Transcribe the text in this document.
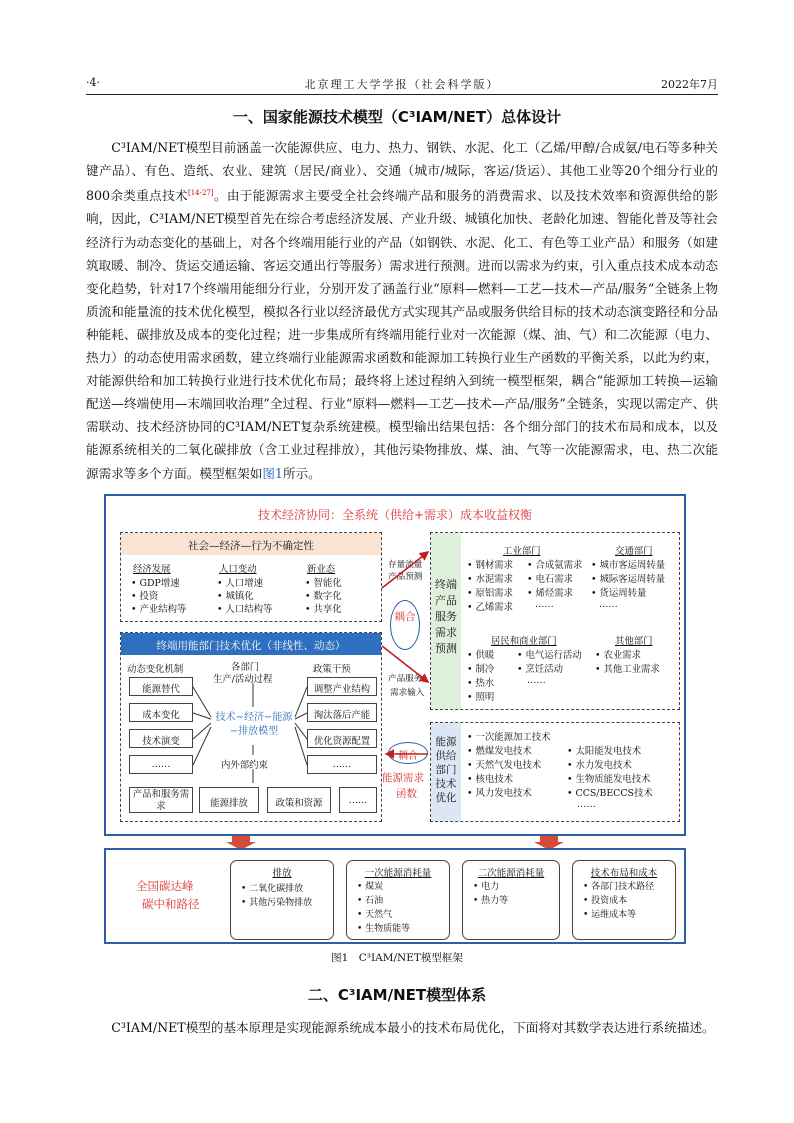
·4·	北京理工大学学报（社会科学版）	2022年7月
一、国家能源技术模型（C³IAM/NET）总体设计

C³IAM/NET模型目前涵盖一次能源供应、电力、热力、钢铁、水泥、化工（乙烯/甲醇/合成氨/电石等多种关键产品）、有色、造纸、农业、建筑（居民/商业）、交通（城市/城际，客运/货运）、其他工业等20个细分行业的800余类重点技术[14-27]。由于能源需求主要受全社会终端产品和服务的消费需求、以及技术效率和资源供给的影响，因此，C³IAM/NET模型首先在综合考虑经济发展、产业升级、城镇化加快、老龄化加速、智能化普及等社会经济行为动态变化的基础上，对各个终端用能行业的产品（如钢铁、水泥、化工、有色等工业产品）和服务（如建筑取暖、制冷、货运交通运输、客运交通出行等服务）需求进行预测。进而以需求为约束，引入重点技术成本动态变化趋势，针对17个终端用能细分行业，分别开发了涵盖行业“原料—燃料—工艺—技术—产品/服务”全链条上物质流和能量流的技术优化模型，模拟各行业以经济最优方式实现其产品或服务供给目标的技术动态演变路径和分品种能耗、碳排放及成本的变化过程；进一步集成所有终端用能行业对一次能源（煤、油、气）和二次能源（电力、热力）的动态使用需求函数，建立终端行业能源需求函数和能源加工转换行业生产函数的平衡关系，以此为约束，对能源供给和加工转换行业进行技术优化布局；最终将上述过程纳入到统一模型框架，耦合“能源加工转换—运输配送—终端使用—末端回收治理”全过程、行业“原料—燃料—工艺—技术—产品/服务”全链条，实现以需定产、供需联动、技术经济协同的C³IAM/NET复杂系统建模。模型输出结果包括：各个细分部门的技术布局和成本，以及能源系统相关的二氧化碳排放（含工业过程排放），其他污染物排放、煤、油、气等一次能源需求，电、热二次能源需求等多个方面。模型框架如图1所示。

技术经济协同：全系统（供给+需求）成本收益权衡
社会—经济—行为不确定性
经济发展
• GDP增速
• 投资
• 产业结构等
人口变动
• 人口增速
• 城镇化
• 人口结构等
新业态
• 智能化
• 数字化
• 共享化
终端用能部门技术优化（非线性、动态）
动态变化机制	各部门
生产/活动过程
政策干预
能源替代
成本变化
技术演变
……
调整产业结构
淘汰落后产能
优化资源配置
……
技术−经济−能源−排放模型
内外部约束
产品和服务需求	能源排放	政策和资源	……
存量流量
产品预测
产品服务
需求输入
耦合
耦合
能源需求
函数
终端产品服务需求预测
工业部门
• 钢材需求 • 合成氨需求
• 水泥需求 • 电石需求
• 原铝需求 • 烯烃需求
• 乙烯需求 ……
交通部门
• 城市客运周转量
• 城际客运周转量
• 货运周转量
……
居民和商业部门
• 供暖 • 电气运行活动
• 制冷 • 烹饪活动
• 热水	……
• 照明
其他部门
• 农业需求
• 其他工业需求
能源供给部门技术优化
• 一次能源加工技术
• 燃煤发电技术	• 太阳能发电技术
• 天然气发电技术	• 水力发电技术
• 核电技术	• 生物质能发电技术
• 风力发电技术	• CCS/BECCS技术
……
全国碳达峰
碳中和路径
排放
• 二氧化碳排放
• 其他污染物排放
一次能源消耗量
• 煤炭
• 石油
• 天然气
• 生物质能等
二次能源消耗量
• 电力
• 热力等
技术布局和成本
• 各部门技术路径
• 投资成本
• 运维成本等
图1　C³IAM/NET模型框架
二、C³IAM/NET模型体系

C³IAM/NET模型的基本原理是实现能源系统成本最小的技术布局优化，下面将对其数学表达进行系统描述。
